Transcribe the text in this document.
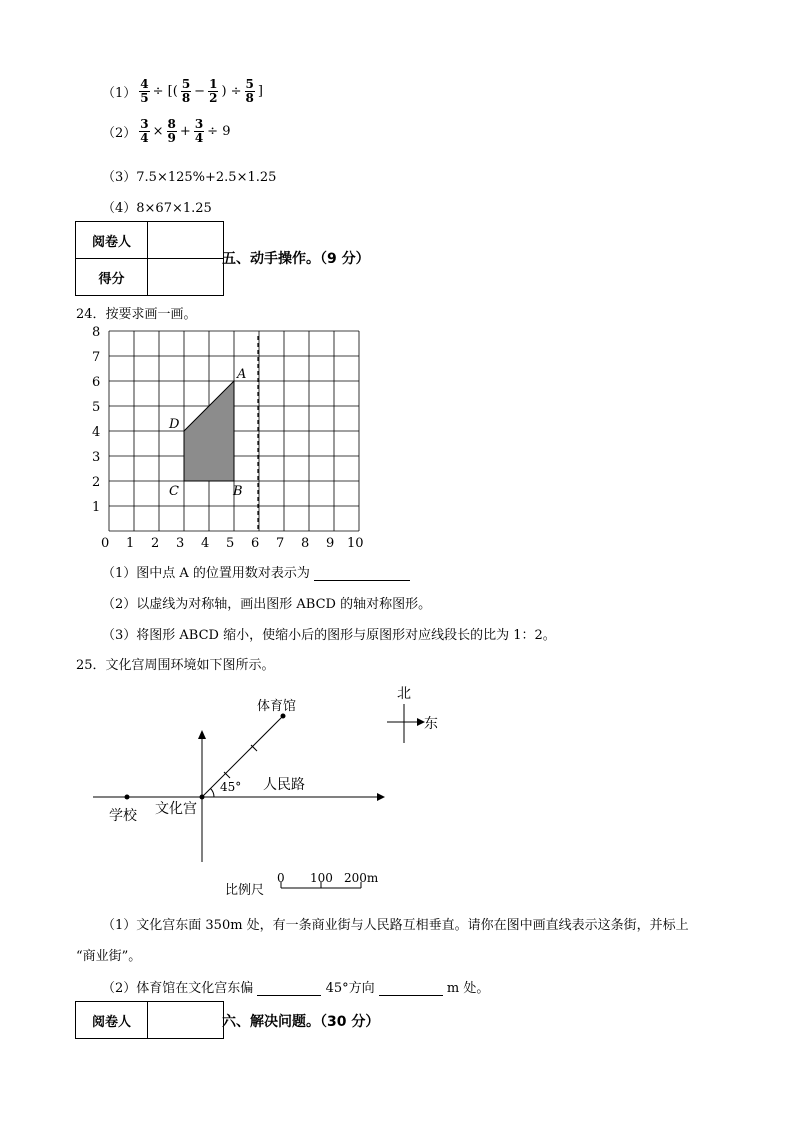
$(1) \frac{4}{5}$ ÷ [( $\frac{5}{8} - \frac{1}{2}$ ) ÷ $\frac{5}{8}$ ]
$(2) \frac{3}{4} \times \frac{8}{9} + \frac{3}{4} \div 9$
（3）7.5×125%+2.5×1.25
（4）8×67×1.25
阅卷人	
得分	
五、动手操作。（9 分）
24．按要求画一画。
1
2
3
4
5
6
7
8
0 1 2 3 4 5 6 7 8 9 10
A
B
C
D
（1）图中点 A 的位置用数对表示为
（2）以虚线为对称轴，画出图形 ABCD 的轴对称图形。
（3）将图形 ABCD 缩小，使缩小后的图形与原图形对应线段长的比为 1：2。
25．文化宫周围环境如下图所示。
体育馆
45° 人民路
学校 文化宫
北
东
比例尺
0 100 200m
（1）文化宫东面 350m 处，有一条商业街与人民路互相垂直。请你在图中画直线表示这条街，并标上
“商业街”。
（2）体育馆在文化宫东偏	45°方向	m 处。
阅卷人		六、解决问题。（30 分）
